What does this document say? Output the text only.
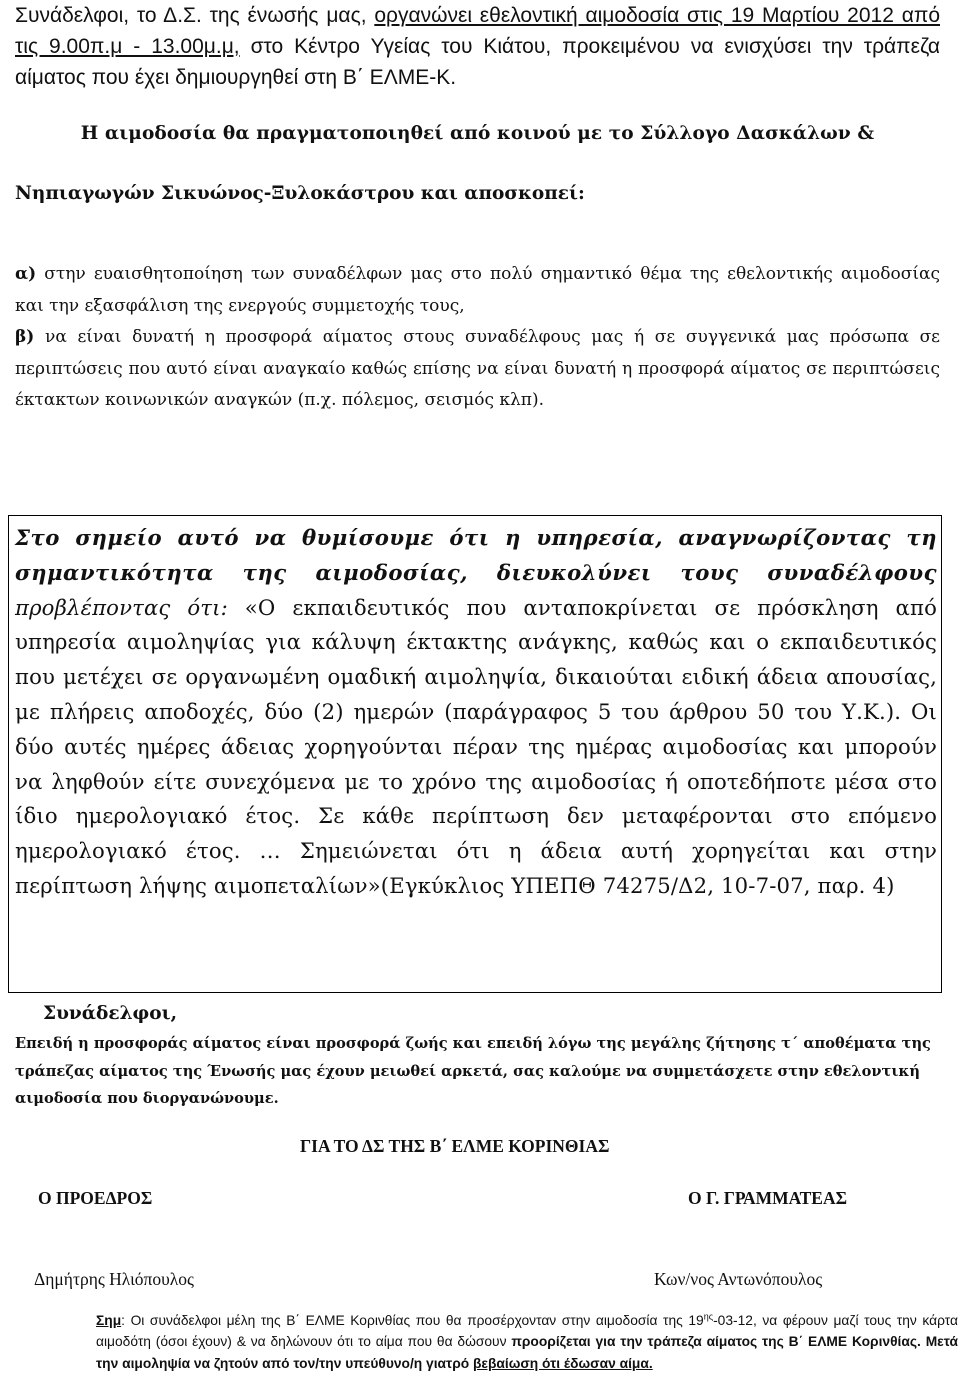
Συνάδελφοι, το Δ.Σ. της ένωσής μας, οργανώνει εθελοντική αιμοδοσία στις 19 Μαρτίου 2012 από τις 9.00π.μ - 13.00μ.μ, στο Κέντρο Υγείας του Κιάτου, προκειμένου να ενισχύσει την τράπεζα αίματος που έχει δημιουργηθεί στη Β΄ ΕΛΜΕ-Κ.

Η αιμοδοσία θα πραγματοποιηθεί από κοινού με το Σύλλογο Δασκάλων &

Νηπιαγωγών Σικυώνος-Ξυλοκάστρου και αποσκοπεί:

α) στην ευαισθητοποίηση των συναδέλφων μας στο πολύ σημαντικό θέμα της εθελοντικής αιμοδοσίας και την εξασφάλιση της ενεργούς συμμετοχής τους,
β) να είναι δυνατή η προσφορά αίματος στους συναδέλφους μας ή σε συγγενικά μας πρόσωπα σε περιπτώσεις που αυτό είναι αναγκαίο καθώς επίσης να είναι δυνατή η προσφορά αίματος σε περιπτώσεις έκτακτων κοινωνικών αναγκών (π.χ. πόλεμος, σεισμός κλπ).

Στο σημείο αυτό να θυμίσουμε ότι η υπηρεσία, αναγνωρίζοντας τη σημαντικότητα της αιμοδοσίας, διευκολύνει τους συναδέλφους προβλέποντας ότι: «Ο εκπαιδευτικός που ανταποκρίνεται σε πρόσκληση από υπηρεσία αιμοληψίας για κάλυψη έκτακτης ανάγκης, καθώς και ο εκπαιδευτικός που μετέχει σε οργανωμένη ομαδική αιμοληψία, δικαιούται ειδική άδεια απουσίας, με πλήρεις αποδοχές, δύο (2) ημερών (παράγραφος 5 του άρθρου 50 του Υ.Κ.). Οι δύο αυτές ημέρες άδειας χορηγούνται πέραν της ημέρας αιμοδοσίας και μπορούν να ληφθούν είτε συνεχόμενα με το χρόνο της αιμοδοσίας ή οποτεδήποτε μέσα στο ίδιο ημερολογιακό έτος. Σε κάθε περίπτωση δεν μεταφέρονται στο επόμενο ημερολογιακό έτος. … Σημειώνεται ότι η άδεια αυτή χορηγείται και στην περίπτωση λήψης αιμοπεταλίων»(Εγκύκλιος ΥΠΕΠΘ 74275/Δ2, 10-7-07, παρ. 4)

Συνάδελφοι,

Επειδή η προσφοράς αίματος είναι προσφορά ζωής και επειδή λόγω της μεγάλης ζήτησης τ΄ αποθέματα της τράπεζας αίματος της Ένωσής μας έχουν μειωθεί αρκετά, σας καλούμε να συμμετάσχετε στην εθελοντική αιμοδοσία που διοργανώνουμε.

ΓΙΑ ΤΟ ΔΣ ΤΗΣ Β΄ ΕΛΜΕ ΚΟΡΙΝΘΙΑΣ

Ο ΠΡΟΕΔΡΟΣ	Ο Γ. ΓΡΑΜΜΑΤΕΑΣ

Δημήτρης Ηλιόπουλος	Κων/νος Αντωνόπουλος

Σημ: Οι συνάδελφοι μέλη της Β΄ ΕΛΜΕ Κορινθίας που θα προσέρχονταν στην αιμοδοσία της $19^{\eta\varsigma}-03-12$, να φέρουν μαζί τους την κάρτα αιμοδότη (όσοι έχουν) & να δηλώνουν ότι το αίμα που θα δώσουν προορίζεται για την τράπεζα αίματος της Β΄ ΕΛΜΕ Κορινθίας. Μετά την αιμοληψία να ζητούν από τον/την υπεύθυνο/η γιατρό βεβαίωση ότι έδωσαν αίμα.
